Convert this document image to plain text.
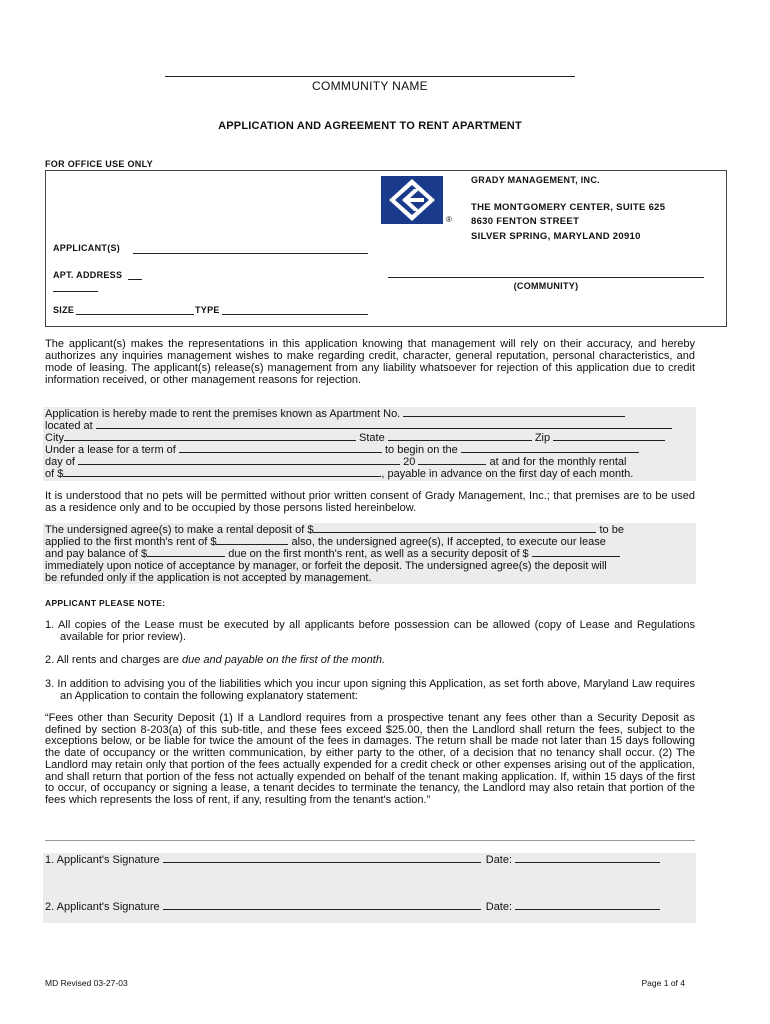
COMMUNITY NAME
APPLICATION AND AGREEMENT TO RENT APARTMENT
FOR OFFICE USE ONLY
®
GRADY MANAGEMENT, INC.
THE MONTGOMERY CENTER, SUITE 625
8630 FENTON STREET
SILVER SPRING, MARYLAND 20910
APPLICANT(S)
APT. ADDRESS
(COMMUNITY)
SIZE	TYPE
The applicant(s) makes the representations in this application knowing that management will rely on their accuracy, and hereby authorizes any inquiries management wishes to make regarding credit, character, general reputation, personal characteristics, and mode of leasing. The applicant(s) release(s) management from any liability whatsoever for rejection of this application due to credit information received, or other management reasons for rejection.
Application is hereby made to rent the premises known as Apartment No.
located at
City	State	Zip
Under a lease for a term of	to begin on the
day of	20	at and for the monthly rental
of $	, payable in advance on the first day of each month.
It is understood that no pets will be permitted without prior written consent of Grady Management, Inc.; that premises are to be used as a residence only and to be occupied by those persons listed hereinbelow.
The undersigned agree(s) to make a rental deposit of $	to be
applied to the first month's rent of $	also, the undersigned agree(s), If accepted, to execute our lease
and pay balance of $	due on the first month's rent, as well as a security deposit of $
immediately upon notice of acceptance by manager, or forfeit the deposit. The undersigned agree(s) the deposit will
be refunded only if the application is not accepted by management.
APPLICANT PLEASE NOTE:
1. All copies of the Lease must be executed by all applicants before possession can be allowed (copy of Lease and Regulations available for prior review).
2. All rents and charges are due and payable on the first of the month.
3. In addition to advising you of the liabilities which you incur upon signing this Application, as set forth above, Maryland Law requires an Application to contain the following explanatory statement:
“Fees other than Security Deposit (1) If a Landlord requires from a prospective tenant any fees other than a Security Deposit as defined by section 8-203(a) of this sub-title, and these fees exceed $25.00, then the Landlord shall return the fees, subject to the exceptions below, or be liable for twice the amount of the fees in damages. The return shall be made not later than 15 days following the date of occupancy or the written communication, by either party to the other, of a decision that no tenancy shall occur. (2) The Landlord may retain only that portion of the fees actually expended for a credit check or other expenses arising out of the application, and shall return that portion of the fess not actually expended on behalf of the tenant making application. If, within 15 days of the first to occur, of occupancy or signing a lease, a tenant decides to terminate the tenancy, the Landlord may also retain that portion of the fees which represents the loss of rent, if any, resulting from the tenant's action.”
1. Applicant's Signature	Date:
2. Applicant's Signature	Date:
MD Revised 03-27-03	Page 1 of 4
